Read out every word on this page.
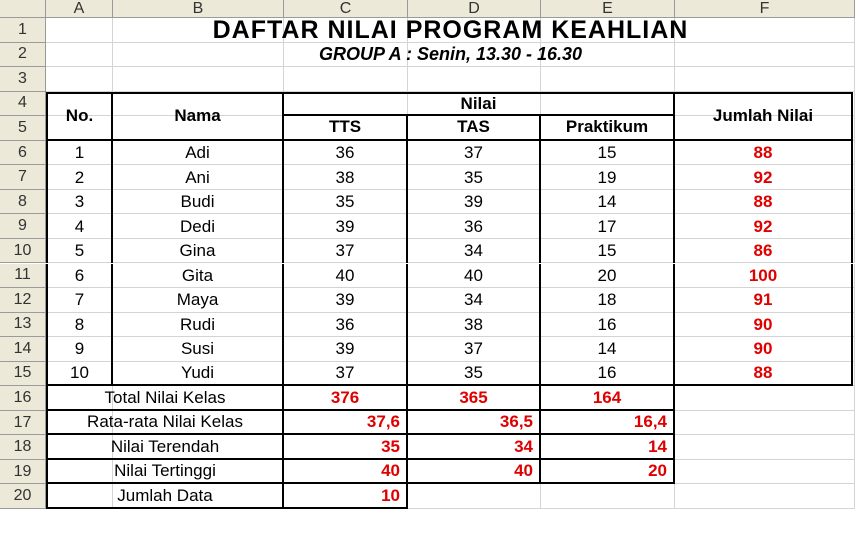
A	B	C	D	E	F
1
2
3
4
5
6
7
8
9
10
11
12
13
14
15
16
17
18
19
20
DAFTAR NILAI PROGRAM KEAHLIAN
GROUP A : Senin, 13.30 - 16.30
No.	Nama
Nilai
TTS	TAS	Praktikum
Jumlah Nilai
1	Adi	36	37	15	88
2	Ani	38	35	19	92
3	Budi	35	39	14	88
4	Dedi	39	36	17	92
5	Gina	37	34	15	86
6	Gita	40	40	20	100
7	Maya	39	34	18	91
8	Rudi	36	38	16	90
9	Susi	39	37	14	90
10	Yudi	37	35	16	88
Total Nilai Kelas	376	365	164
Rata-rata Nilai Kelas	37,6	36,5	16,4
Nilai Terendah	35	34	14
Nilai Tertinggi	40	40	20
Jumlah Data	10
